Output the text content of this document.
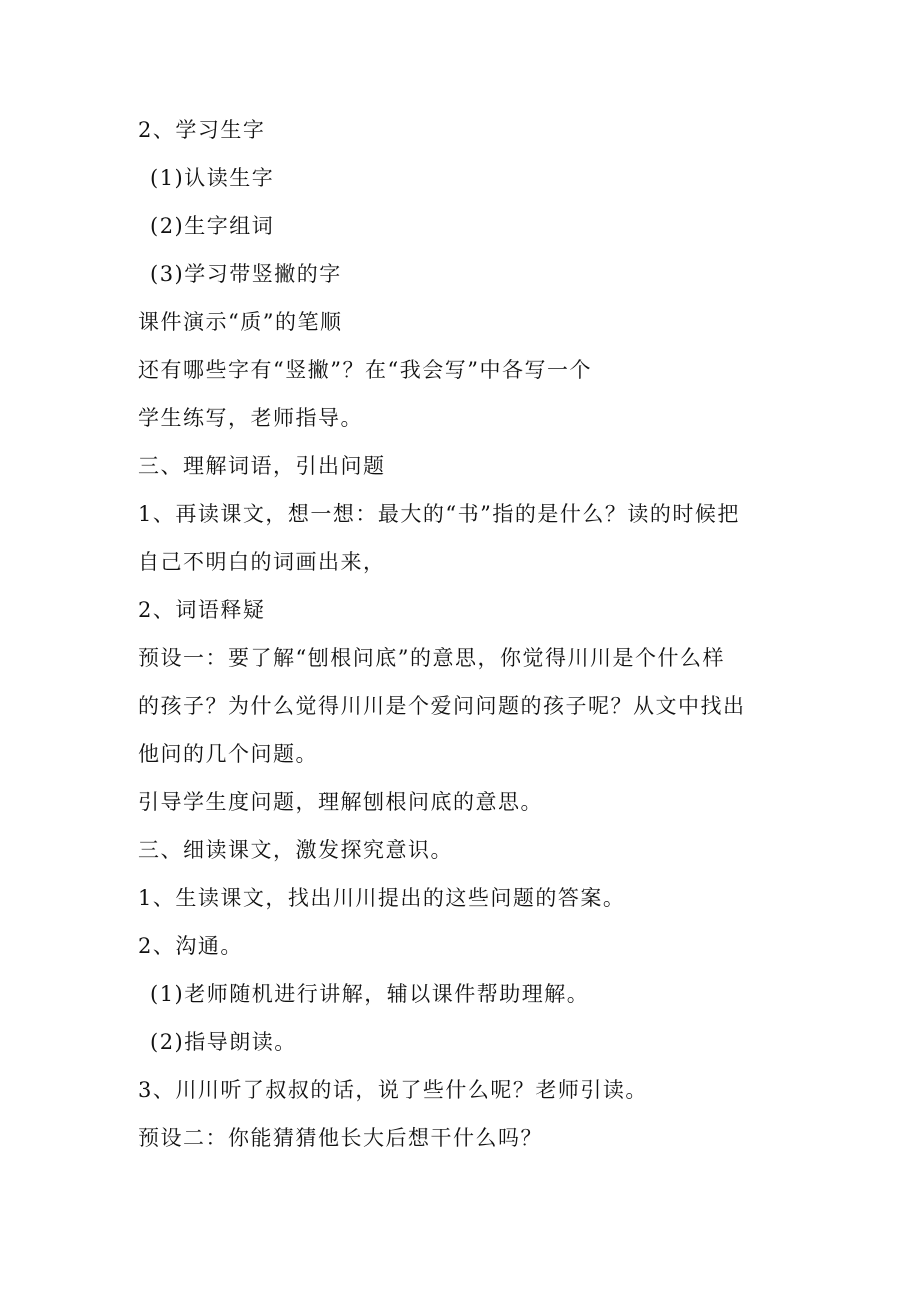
2、学习生字
(1)认读生字
(2)生字组词
(3)学习带竖撇的字
课件演示“质”的笔顺
还有哪些字有“竖撇”？在“我会写”中各写一个
学生练写，老师指导。
三、理解词语，引出问题
1、再读课文，想一想：最大的“书”指的是什么？读的时候把
自己不明白的词画出来，
2、词语释疑
预设一：要了解“刨根问底”的意思，你觉得川川是个什么样
的孩子？为什么觉得川川是个爱问问题的孩子呢？从文中找出
他问的几个问题。
引导学生度问题，理解刨根问底的意思。
三、细读课文，激发探究意识。
1、生读课文，找出川川提出的这些问题的答案。
2、沟通。
(1)老师随机进行讲解，辅以课件帮助理解。
(2)指导朗读。
3、川川听了叔叔的话，说了些什么呢？老师引读。
预设二：你能猜猜他长大后想干什么吗？
